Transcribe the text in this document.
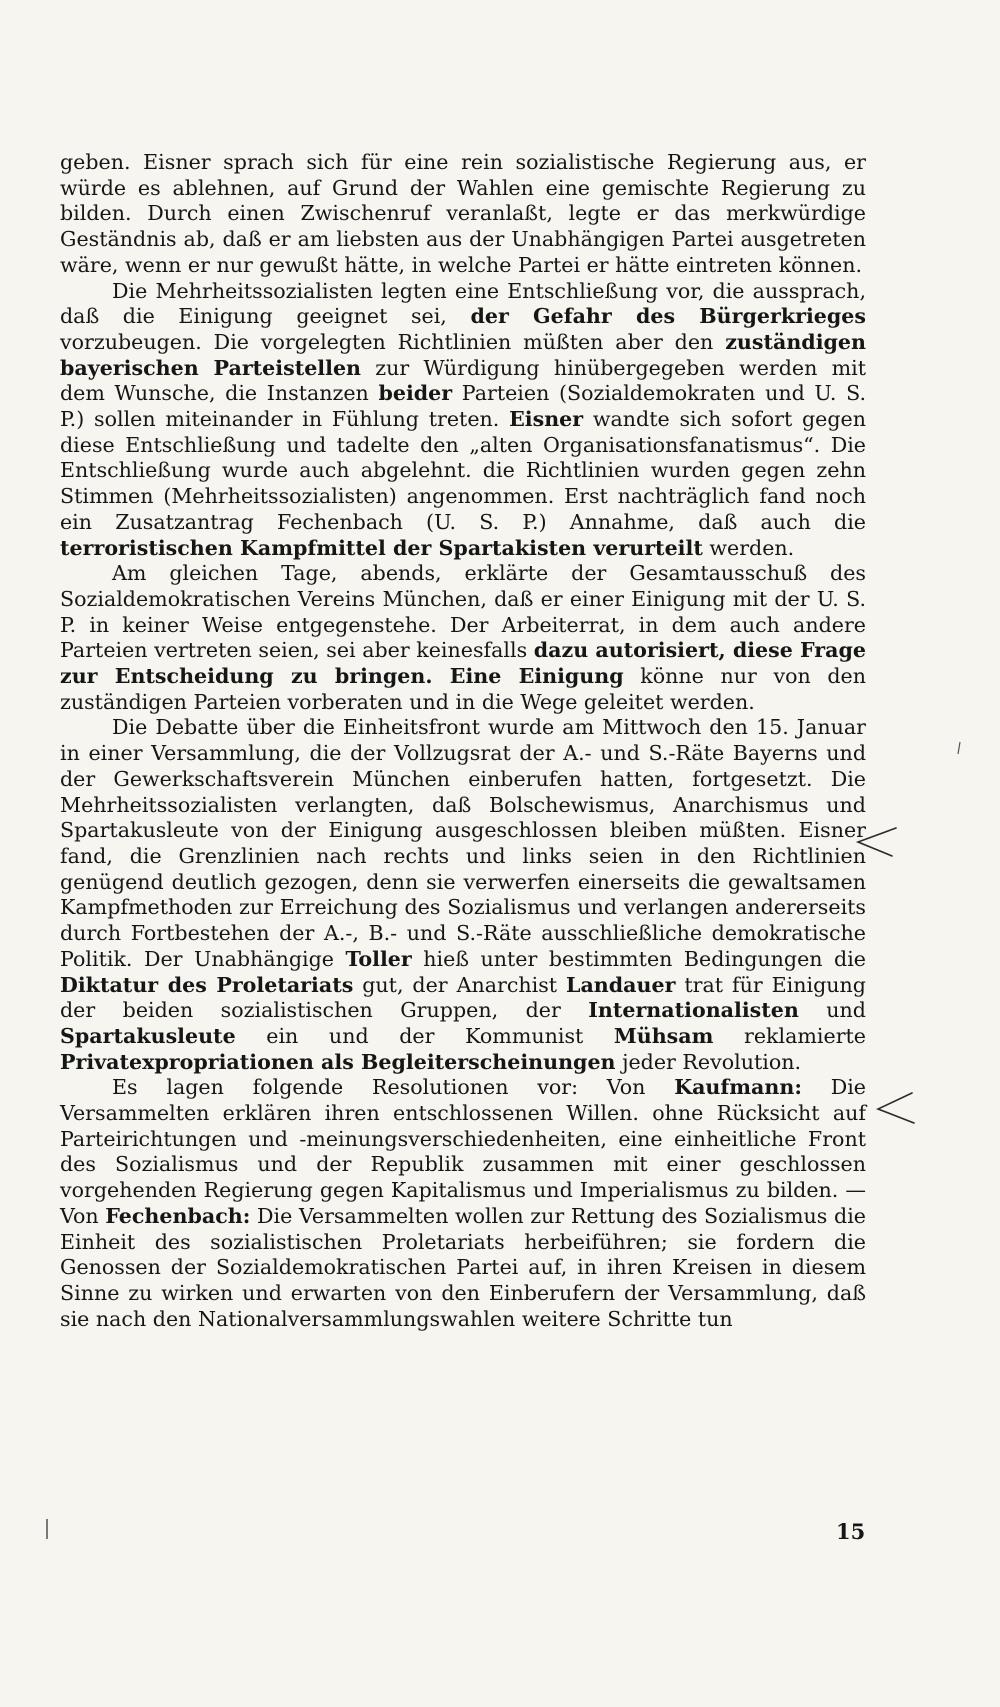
geben. Eisner sprach sich für eine rein sozialistische Regierung aus, er würde es ablehnen, auf Grund der Wahlen eine gemischte Regierung zu bilden. Durch einen Zwischenruf veranlaßt, legte er das merkwürdige Geständnis ab, daß er am liebsten aus der Unabhängigen Partei ausgetreten wäre, wenn er nur gewußt hätte, in welche Partei er hätte eintreten können.

Die Mehrheitssozialisten legten eine Entschließung vor, die aussprach, daß die Einigung geeignet sei, der Gefahr des Bürgerkrieges vorzubeugen. Die vorgelegten Richtlinien müßten aber den zuständigen bayerischen Parteistellen zur Würdigung hinübergegeben werden mit dem Wunsche, die Instanzen beider Parteien (Sozialdemokraten und U. S. P.) sollen miteinander in Fühlung treten. Eisner wandte sich sofort gegen diese Entschließung und tadelte den „alten Organisationsfanatismus“. Die Entschließung wurde auch abgelehnt. die Richtlinien wurden gegen zehn Stimmen (Mehrheitssozialisten) angenommen. Erst nachträglich fand noch ein Zusatzantrag Fechenbach (U. S. P.) Annahme, daß auch die terroristischen Kampfmittel der Spartakisten verurteilt werden.

Am gleichen Tage, abends, erklärte der Gesamtausschuß des Sozialdemokratischen Vereins München, daß er einer Einigung mit der U. S. P. in keiner Weise entgegenstehe. Der Arbeiterrat, in dem auch andere Parteien vertreten seien, sei aber keinesfalls dazu autorisiert, diese Frage zur Entscheidung zu bringen. Eine Einigung könne nur von den zuständigen Parteien vorberaten und in die Wege geleitet werden.

Die Debatte über die Einheitsfront wurde am Mittwoch den 15. Januar in einer Versammlung, die der Vollzugsrat der A.- und S.-Räte Bayerns und der Gewerkschaftsverein München einberufen hatten, fortgesetzt. Die Mehrheitssozialisten verlangten, daß Bolschewismus, Anarchismus und Spartakusleute von der Einigung ausgeschlossen bleiben müßten. Eisner fand, die Grenzlinien nach rechts und links seien in den Richtlinien genügend deutlich gezogen, denn sie verwerfen einerseits die gewaltsamen Kampfmethoden zur Erreichung des Sozialismus und verlangen andererseits durch Fortbestehen der A.-, B.- und S.-Räte ausschließliche demokratische Politik. Der Unabhängige Toller hieß unter bestimmten Bedingungen die Diktatur des Proletariats gut, der Anarchist Landauer trat für Einigung der beiden sozialistischen Gruppen, der Internationalisten und Spartakusleute ein und der Kommunist Mühsam reklamierte Privatexpropriationen als Begleiterscheinungen jeder Revolution.

Es lagen folgende Resolutionen vor: Von Kaufmann: Die Versammelten erklären ihren entschlossenen Willen. ohne Rücksicht auf Parteirichtungen und -meinungsverschiedenheiten, eine einheitliche Front des Sozialismus und der Republik zusammen mit einer geschlossen vorgehenden Regierung gegen Kapitalismus und Imperialismus zu bilden. — Von Fechenbach: Die Versammelten wollen zur Rettung des Sozialismus die Einheit des sozialistischen Proletariats herbeiführen; sie fordern die Genossen der Sozialdemokratischen Partei auf, in ihren Kreisen in diesem Sinne zu wirken und erwarten von den Einberufern der Versammlung, daß sie nach den Nationalversammlungswahlen weitere Schritte tun

15
